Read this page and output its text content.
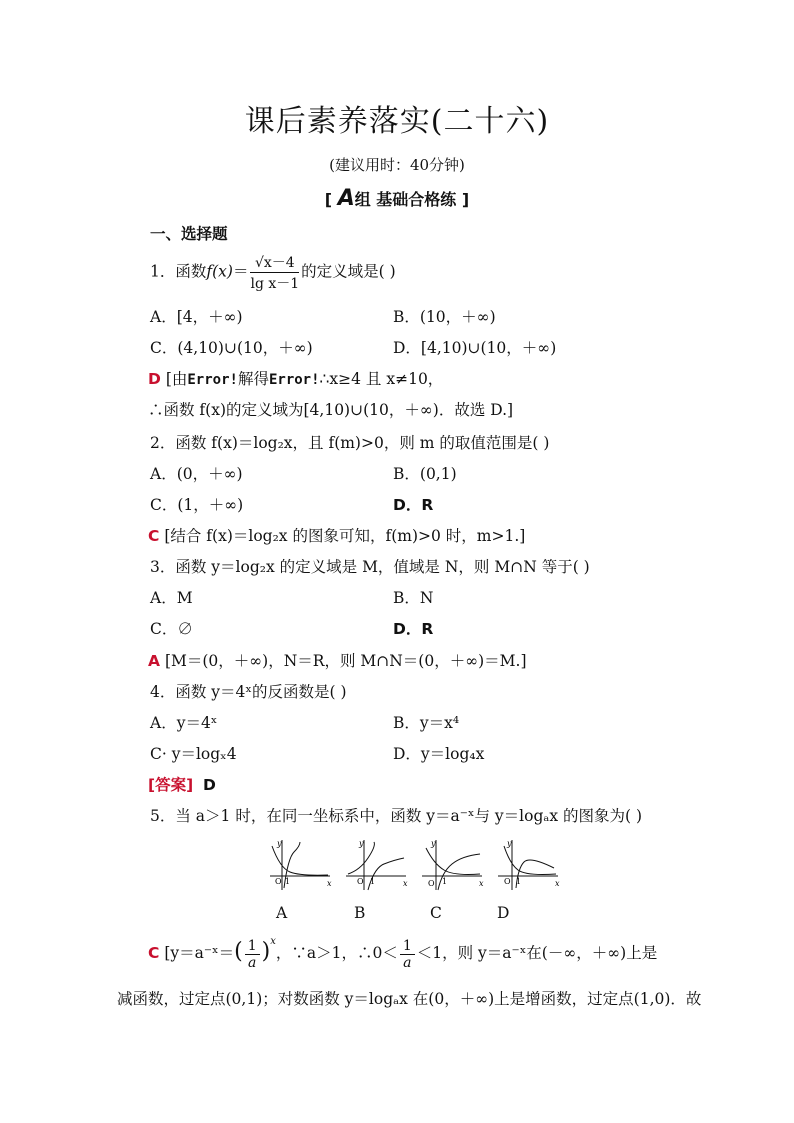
课后素养落实(二十六)
(建议用时：40分钟)
[ A组 基础合格练 ]
一、选择题
1．函数$f(x)= \frac{√x-4}{\text{lg x－1}}$ 的定义域是( )
A．[4，＋∞)	B．(10，＋∞)
C．(4,10)∪(10，＋∞)	D．[4,10)∪(10，＋∞)
D [由Error!解得Error!∴x≥4 且 x≠10，
∴函数 f(x)的定义域为[4,10)∪(10，＋∞)．故选 D.]
2．函数 f(x)＝log₂x，且 f(m)>0，则 m 的取值范围是( )
A．(0，＋∞)	B．(0,1)
C．(1，＋∞)	D．R
C [结合 f(x)＝log₂x 的图象可知，f(m)>0 时，m>1.]
3．函数 y＝log₂x 的定义域是 M，值域是 N，则 M∩N 等于( )
A．M	B．N
C．∅	D．R
A [M＝(0，＋∞)，N＝R，则 M∩N＝(0，＋∞)＝M.]
4．函数 y＝4ˣ的反函数是( )
A．y＝4ˣ	B．y＝x⁴
C· y＝logₓ4	D．y＝log₄x
[答案] D
5．当 a＞1 时，在同一坐标系中，函数 y＝a⁻ˣ与 y＝logₐx 的图象为( )
y
x
O 1
y
x
O 1
y
x
O 1
y
x
O 1
A	B	C	D
C [y＝a⁻ˣ＝( $\frac{1}{a} )^x$，∵a＞1，∴0＜ $\frac{1}{a} <1$，则 y＝a⁻ˣ在(－∞，＋∞)上是
减函数，过定点(0,1)；对数函数 y＝logₐx 在(0，＋∞)上是增函数，过定点(1,0)．故
